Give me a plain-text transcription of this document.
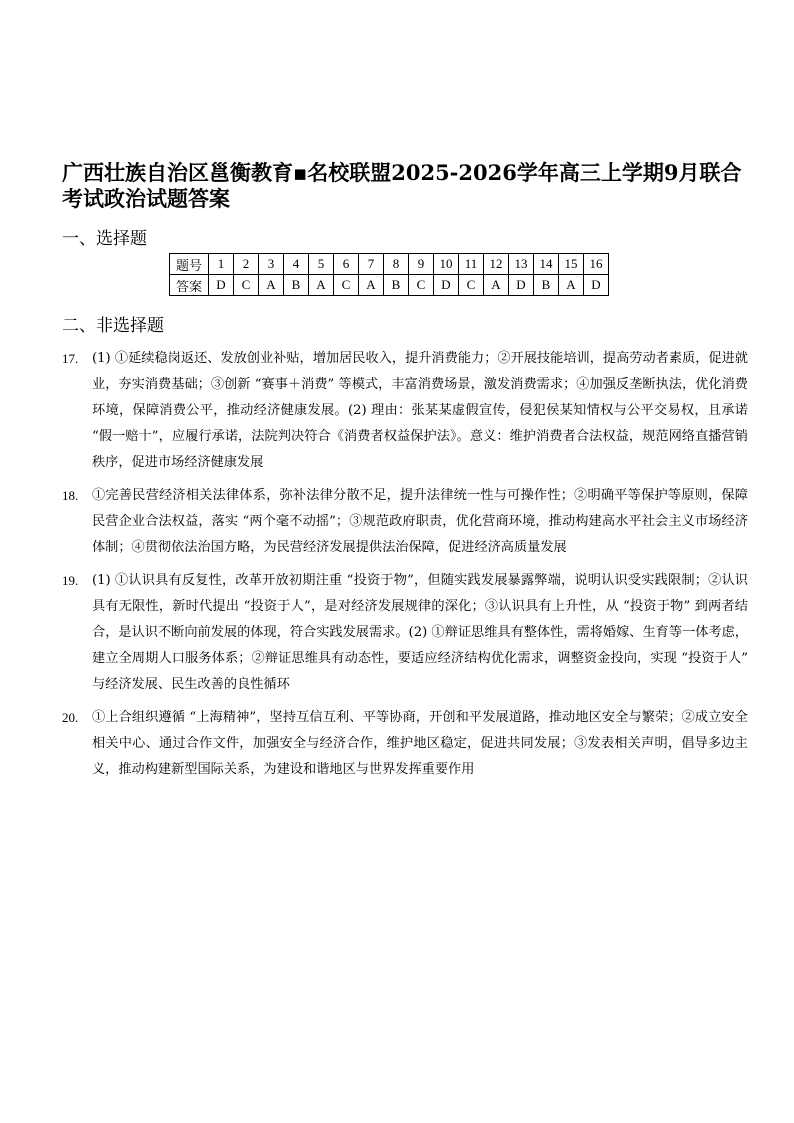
广西壮族自治区邕衡教育▪名校联盟2025-2026学年高三上学期9月联合考试政治试题答案
一、选择题
题号	1	2	3	4	5	6	7	8	9	10	11	12	13	14	15	16
答案	D	C	A	B	A	C	A	B	C	D	C	A	D	B	A	D
二、非选择题
17.	(1) ①延续稳岗返还、发放创业补贴，增加居民收入，提升消费能力；②开展技能培训，提高劳动者素质，促进就业，夯实消费基础；③创新 “赛事＋消费” 等模式，丰富消费场景，激发消费需求；④加强反垄断执法，优化消费环境，保障消费公平，推动经济健康发展。(2) 理由：张某某虚假宣传，侵犯侯某知情权与公平交易权，且承诺 “假一赔十”，应履行承诺，法院判决符合《消费者权益保护法》。意义：维护消费者合法权益，规范网络直播营销秩序，促进市场经济健康发展
18.	①完善民营经济相关法律体系，弥补法律分散不足，提升法律统一性与可操作性；②明确平等保护等原则，保障民营企业合法权益，落实 “两个毫不动摇”；③规范政府职责，优化营商环境，推动构建高水平社会主义市场经济体制；④贯彻依法治国方略，为民营经济发展提供法治保障，促进经济高质量发展
19.	(1) ①认识具有反复性，改革开放初期注重 “投资于物”，但随实践发展暴露弊端，说明认识受实践限制；②认识具有无限性，新时代提出 “投资于人”，是对经济发展规律的深化；③认识具有上升性，从 “投资于物” 到两者结合，是认识不断向前发展的体现，符合实践发展需求。(2) ①辩证思维具有整体性，需将婚嫁、生育等一体考虑，建立全周期人口服务体系；②辩证思维具有动态性，要适应经济结构优化需求，调整资金投向，实现 “投资于人” 与经济发展、民生改善的良性循环
20.	①上合组织遵循 “上海精神”，坚持互信互利、平等协商，开创和平发展道路，推动地区安全与繁荣；②成立安全相关中心、通过合作文件，加强安全与经济合作，维护地区稳定，促进共同发展；③发表相关声明，倡导多边主义，推动构建新型国际关系，为建设和谐地区与世界发挥重要作用
